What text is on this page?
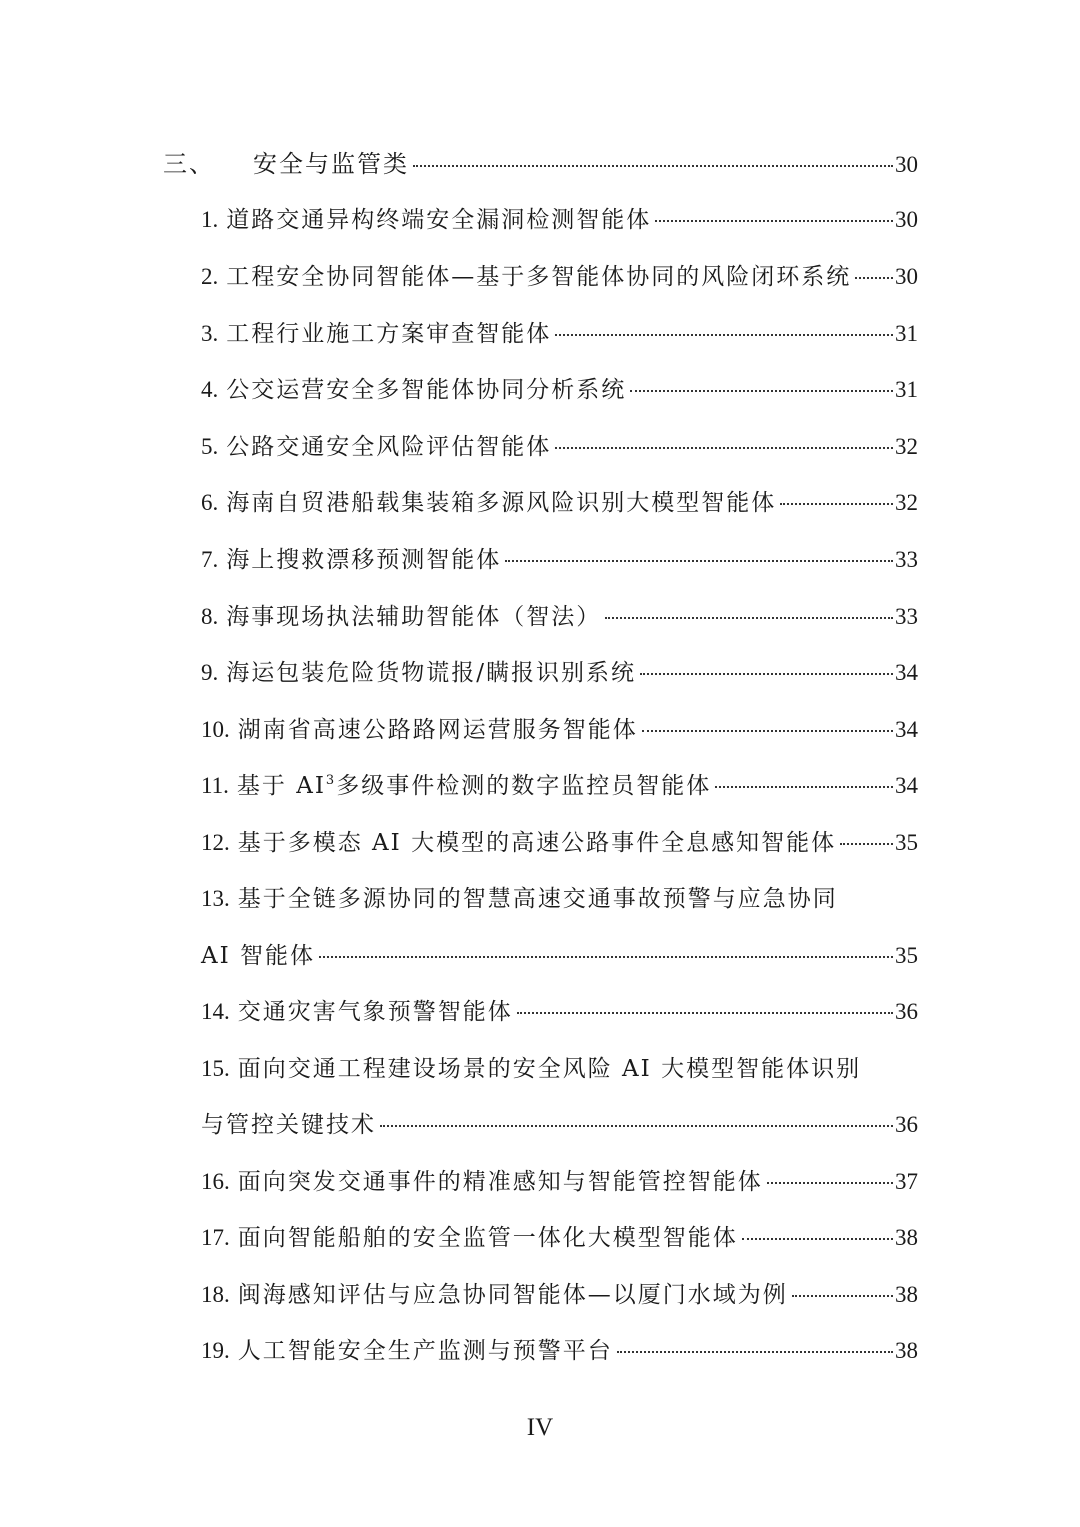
三、 安全与监管类	30
1. 道路交通异构终端安全漏洞检测智能体	30
2. 工程安全协同智能体—基于多智能体协同的风险闭环系统 30
3. 工程行业施工方案审查智能体	31
4. 公交运营安全多智能体协同分析系统	31
5. 公路交通安全风险评估智能体	32
6. 海南自贸港船载集装箱多源风险识别大模型智能体	32
7. 海上搜救漂移预测智能体	33
8. 海事现场执法辅助智能体（智法）	33
9. 海运包装危险货物谎报/瞒报识别系统	34
10. 湖南省高速公路路网运营服务智能体	34
11. 基于 $AI^3$多级事件检测的数字监控员智能体	34
12. 基于多模态 AI 大模型的高速公路事件全息感知智能体	35
13. 基于全链多源协同的智慧高速交通事故预警与应急协同
AI 智能体	35
14. 交通灾害气象预警智能体	36
15. 面向交通工程建设场景的安全风险 AI 大模型智能体识别
与管控关键技术	36
16. 面向突发交通事件的精准感知与智能管控智能体	37
17. 面向智能船舶的安全监管一体化大模型智能体	38
18. 闽海感知评估与应急协同智能体—以厦门水域为例	38
19. 人工智能安全生产监测与预警平台	38
IV
